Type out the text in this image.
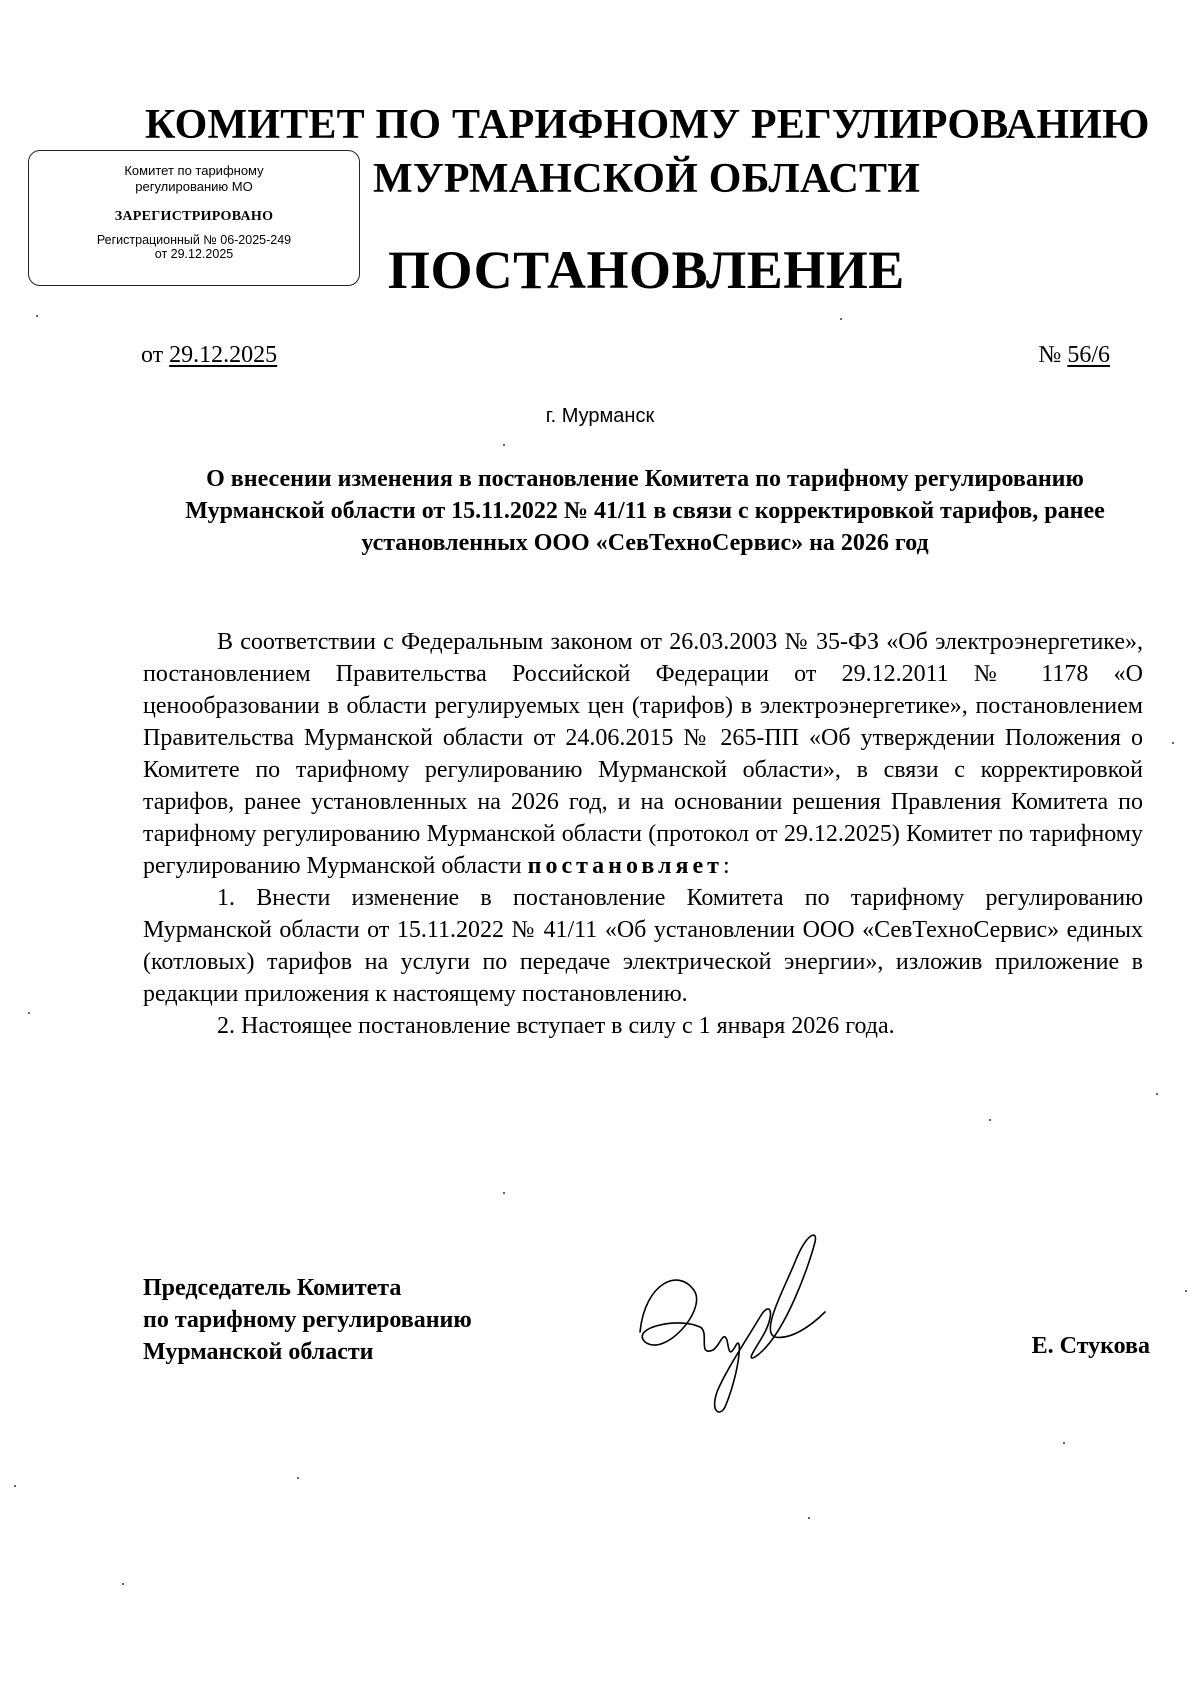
КОМИТЕТ ПО ТАРИФНОМУ РЕГУЛИРОВАНИЮ
МУРМАНСКОЙ ОБЛАСТИ
Комитет по тарифному регулированию МО
ЗАРЕГИСТРИРОВАНО
Регистрационный № 06-2025-249
от 29.12.2025	ПОСТАНОВЛЕНИЕ
от 29.12.2025	№ 56/6
г. Мурманск

О внесении изменения в постановление Комитета по тарифному регулированию Мурманской области от 15.11.2022 № 41/11 в связи с корректировкой тарифов, ранее установленных ООО «СевТехноСервис» на 2026 год

В соответствии с Федеральным законом от 26.03.2003 № 35-ФЗ «Об электроэнергетике», постановлением Правительства Российской Федерации от 29.12.2011 № 1178 «О ценообразовании в области регулируемых цен (тарифов) в электроэнергетике», постановлением Правительства Мурманской области от 24.06.2015 № 265-ПП «Об утверждении Положения о Комитете по тарифному регулированию Мурманской области», в связи с корректировкой тарифов, ранее установленных на 2026 год, и на основании решения Правления Комитета по тарифному регулированию Мурманской области (протокол от 29.12.2025) Комитет по тарифному регулированию Мурманской области постановляет:

1. Внести изменение в постановление Комитета по тарифному регулированию Мурманской области от 15.11.2022 № 41/11 «Об установлении ООО «СевТехноСервис» единых (котловых) тарифов на услуги по передаче электрической энергии», изложив приложение в редакции приложения к настоящему постановлению.

2. Настоящее постановление вступает в силу с 1 января 2026 года.

Председатель Комитета
по тарифному регулированию
Мурманской области	Е. Стукова
